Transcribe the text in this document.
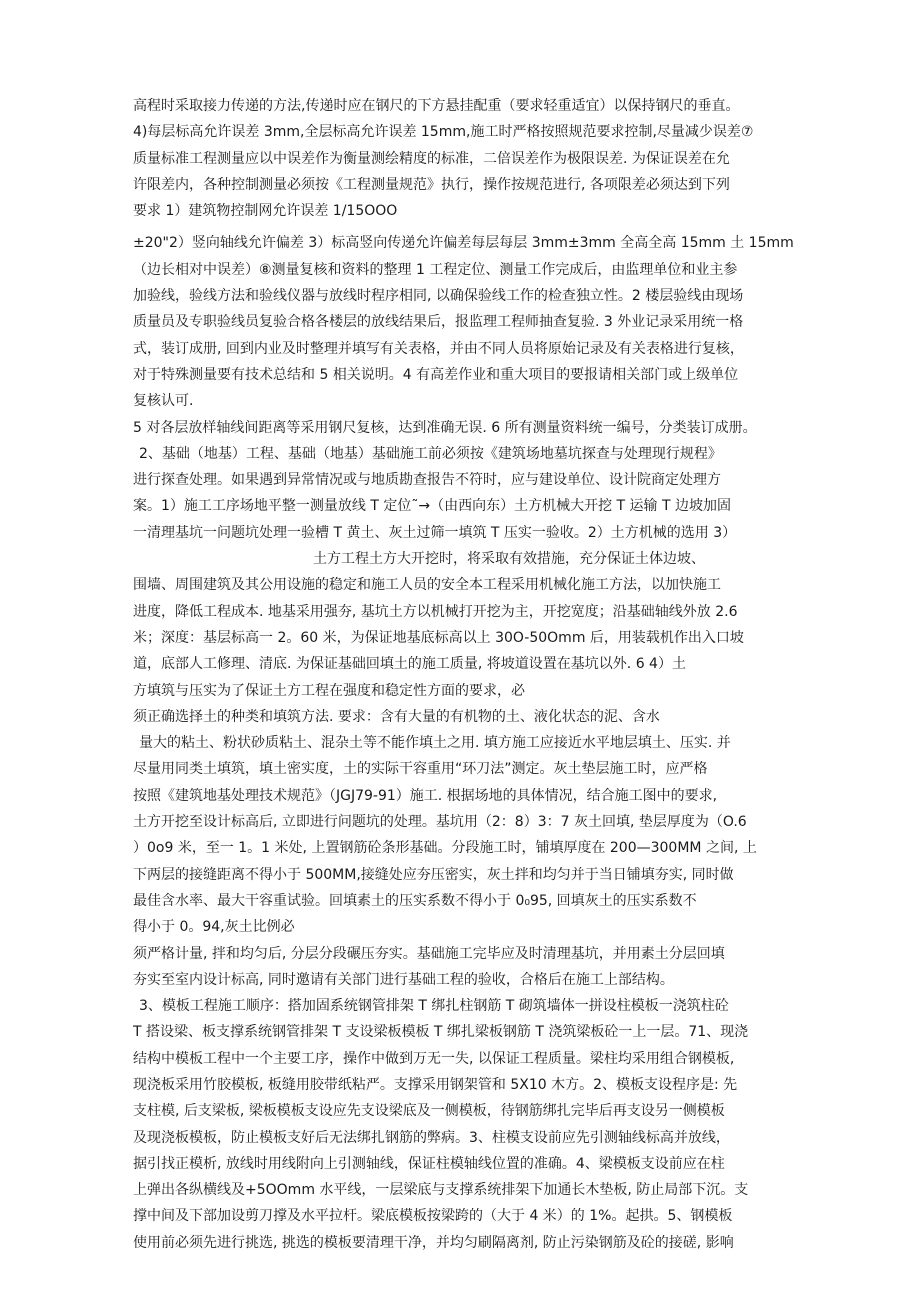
高程时采取接力传递的方法,传递时应在钢尺的下方悬挂配重（要求轻重适宜）以保持钢尺的垂直。
4)每层标高允许误差 3mm,全层标高允许误差 15mm,施工时严格按照规范要求控制,尽量减少误差⑦
质量标准工程测量应以中误差作为衡量测绘精度的标准，二倍误差作为极限误差. 为保证误差在允
许限差内，各种控制测量必须按《工程测量规范》执行，操作按规范进行, 各项限差必须达到下列
要求 1）建筑物控制网允许误差 1/15OOO
±20"2）竖向轴线允许偏差 3）标高竖向传递允许偏差每层每层 3mm±3mm 全高全高 15mm 土 15mm
（边长相对中误差）⑧测量复核和资料的整理 1 工程定位、测量工作完成后，由监理单位和业主参
加验线，验线方法和验线仪器与放线时程序相同, 以确保验线工作的检查独立性。2 楼层验线由现场
质量员及专职验线员复验合格各楼层的放线结果后，报监理工程师抽查复验. 3 外业记录采用统一格
式，装订成册, 回到内业及时整理并填写有关表格，并由不同人员将原始记录及有关表格进行复核，
对于特殊测量要有技术总结和 5 相关说明。4 有高差作业和重大项目的要报请相关部门或上级单位
复核认可.
5 对各层放样轴线间距离等采用钢尺复核，达到准确无误. 6 所有测量资料统一编号，分类装订成册。
2、基础（地基）工程、基础（地基）基础施工前必须按《建筑场地墓坑探查与处理现行规程》
进行探查处理。如果遇到异常情况或与地质勘查报告不符时，应与建设单位、设计院商定处理方
案。1）施工工序场地平整一测量放线 T 定位˜→（由西向东）土方机械大开挖 T 运输 T 边坡加固
一清理基坑一问题坑处理一验槽 T 黄土、灰土过筛一填筑 T 压实一验收。2）土方机械的选用 3）
土方工程土方大开挖时，将采取有效措施，充分保证土体边坡、
围墙、周围建筑及其公用设施的稳定和施工人员的安全本工程采用机械化施工方法，以加快施工
进度，降低工程成本. 地基采用强夯, 基坑土方以机械打开挖为主，开挖宽度；沿基础轴线外放 2.6
米；深度：基层标高一 2。60 米，为保证地基底标高以上 30O-50Omm 后，用装载机作出入口坡
道，底部人工修理、清底. 为保证基础回填土的施工质量, 将坡道设置在基坑以外. 6 4）土
方填筑与压实为了保证土方工程在强度和稳定性方面的要求，必
须正确选择土的种类和填筑方法. 要求：含有大量的有机物的土、液化状态的泥、含水
量大的粘土、粉状砂质粘土、混杂土等不能作填土之用. 填方施工应接近水平地层填土、压实. 并
尽量用同类土填筑，填土密实度，土的实际干容重用“环刀法”测定。灰土垫层施工时，应严格
按照《建筑地基处理技术规范》（JGJ79-91）施工. 根据场地的具体情况，结合施工图中的要求,
土方开挖至设计标高后, 立即进行问题坑的处理。基坑用（2：8）3：7 灰土回填, 垫层厚度为（O.6
）0o9 米，至一 1。1 米处, 上置钢筋砼条形基础。分段施工时，铺填厚度在 200—300MM 之间, 上
下两层的接缝距离不得小于 500MM,接缝处应夯压密实，灰土拌和均匀并于当日铺填夯实, 同时做
最佳含水率、最大干容重试验。回填素土的压实系数不得小于 0₀95, 回填灰土的压实系数不
得小于 0。94,灰土比例必
须严格计量, 拌和均匀后, 分层分段碾压夯实。基础施工完毕应及时清理基坑，并用素土分层回填
夯实至室内设计标高, 同时邀请有关部门进行基础工程的验收，合格后在施工上部结构。
3、模板工程施工顺序：搭加固系统钢管排架 T 绑扎柱钢筋 T 砌筑墙体一拼设柱模板一浇筑柱砼
T 搭设梁、板支撑系统钢管排架 T 支设梁板模板 T 绑扎梁板钢筋 T 浇筑梁板砼一上一层。71、现浇
结构中模板工程中一个主要工序，操作中做到万无一失, 以保证工程质量。梁柱均采用组合钢模板,
现浇板采用竹胶模板, 板缝用胶带纸粘严。支撑采用钢架管和 5X10 木方。2、模板支设程序是: 先
支柱模, 后支梁板, 梁板模板支设应先支设梁底及一侧模板，待钢筋绑扎完毕后再支设另一侧模板
及现浇板模板，防止模板支好后无法绑扎钢筋的弊病。3、柱模支设前应先引测轴线标高并放线，
据引找正模析, 放线时用线附向上引测轴线，保证柱模轴线位置的准确。4、梁模板支设前应在柱
上弹出各纵横线及+5OOmm 水平线，一层梁底与支撑系统排架下加通长木垫板, 防止局部下沉。支
撑中间及下部加设剪刀撑及水平拉杆。梁底模板按梁跨的（大于 4 米）的 1%。起拱。5、钢模板
使用前必须先进行挑选, 挑选的模板要清理干净，并均匀刷隔离剂, 防止污染钢筋及砼的接磋, 影响
